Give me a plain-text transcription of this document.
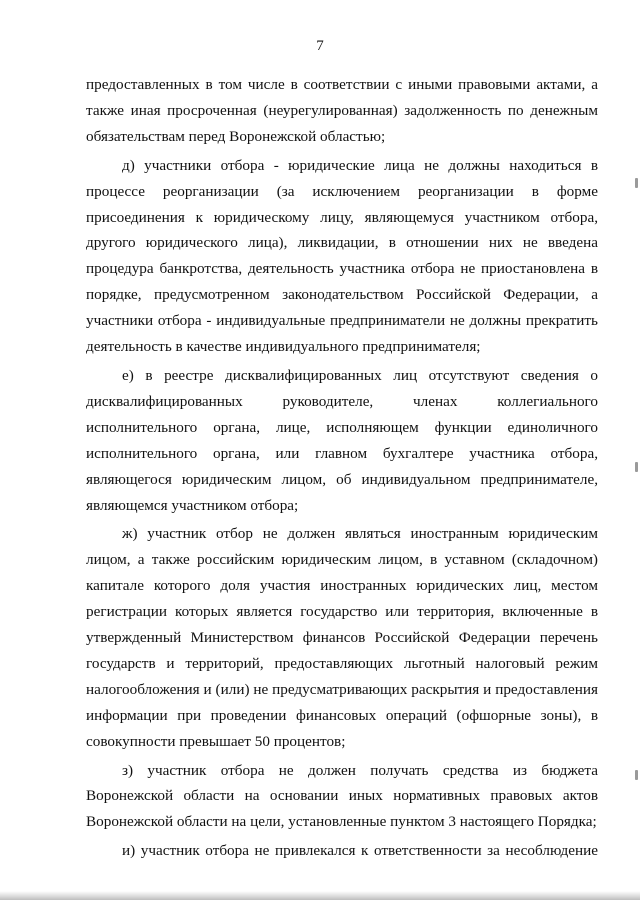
7

предоставленных в том числе в соответствии с иными правовыми актами, а также иная просроченная (неурегулированная) задолженность по денежным обязательствам перед Воронежской областью;

д) участники отбора - юридические лица не должны находиться в процессе реорганизации (за исключением реорганизации в форме присоединения к юридическому лицу, являющемуся участником отбора, другого юридического лица), ликвидации, в отношении них не введена процедура банкротства, деятельность участника отбора не приостановлена в порядке, предусмотренном законодательством Российской Федерации, а участники отбора - индивидуальные предприниматели не должны прекратить деятельность в качестве индивидуального предпринимателя;

е) в реестре дисквалифицированных лиц отсутствуют сведения о дисквалифицированных руководителе, членах коллегиального исполнительного органа, лице, исполняющем функции единоличного исполнительного органа, или главном бухгалтере участника отбора, являющегося юридическим лицом, об индивидуальном предпринимателе, являющемся участником отбора;

ж) участник отбор не должен являться иностранным юридическим лицом, а также российским юридическим лицом, в уставном (складочном) капитале которого доля участия иностранных юридических лиц, местом регистрации которых является государство или территория, включенные в утвержденный Министерством финансов Российской Федерации перечень государств и территорий, предоставляющих льготный налоговый режим налогообложения и (или) не предусматривающих раскрытия и предоставления информации при проведении финансовых операций (офшорные зоны), в совокупности превышает 50 процентов;

з) участник отбора не должен получать средства из бюджета Воронежской области на основании иных нормативных правовых актов Воронежской области на цели, установленные пунктом 3 настоящего Порядка;

и) участник отбора не привлекался к ответственности за несоблюдение
